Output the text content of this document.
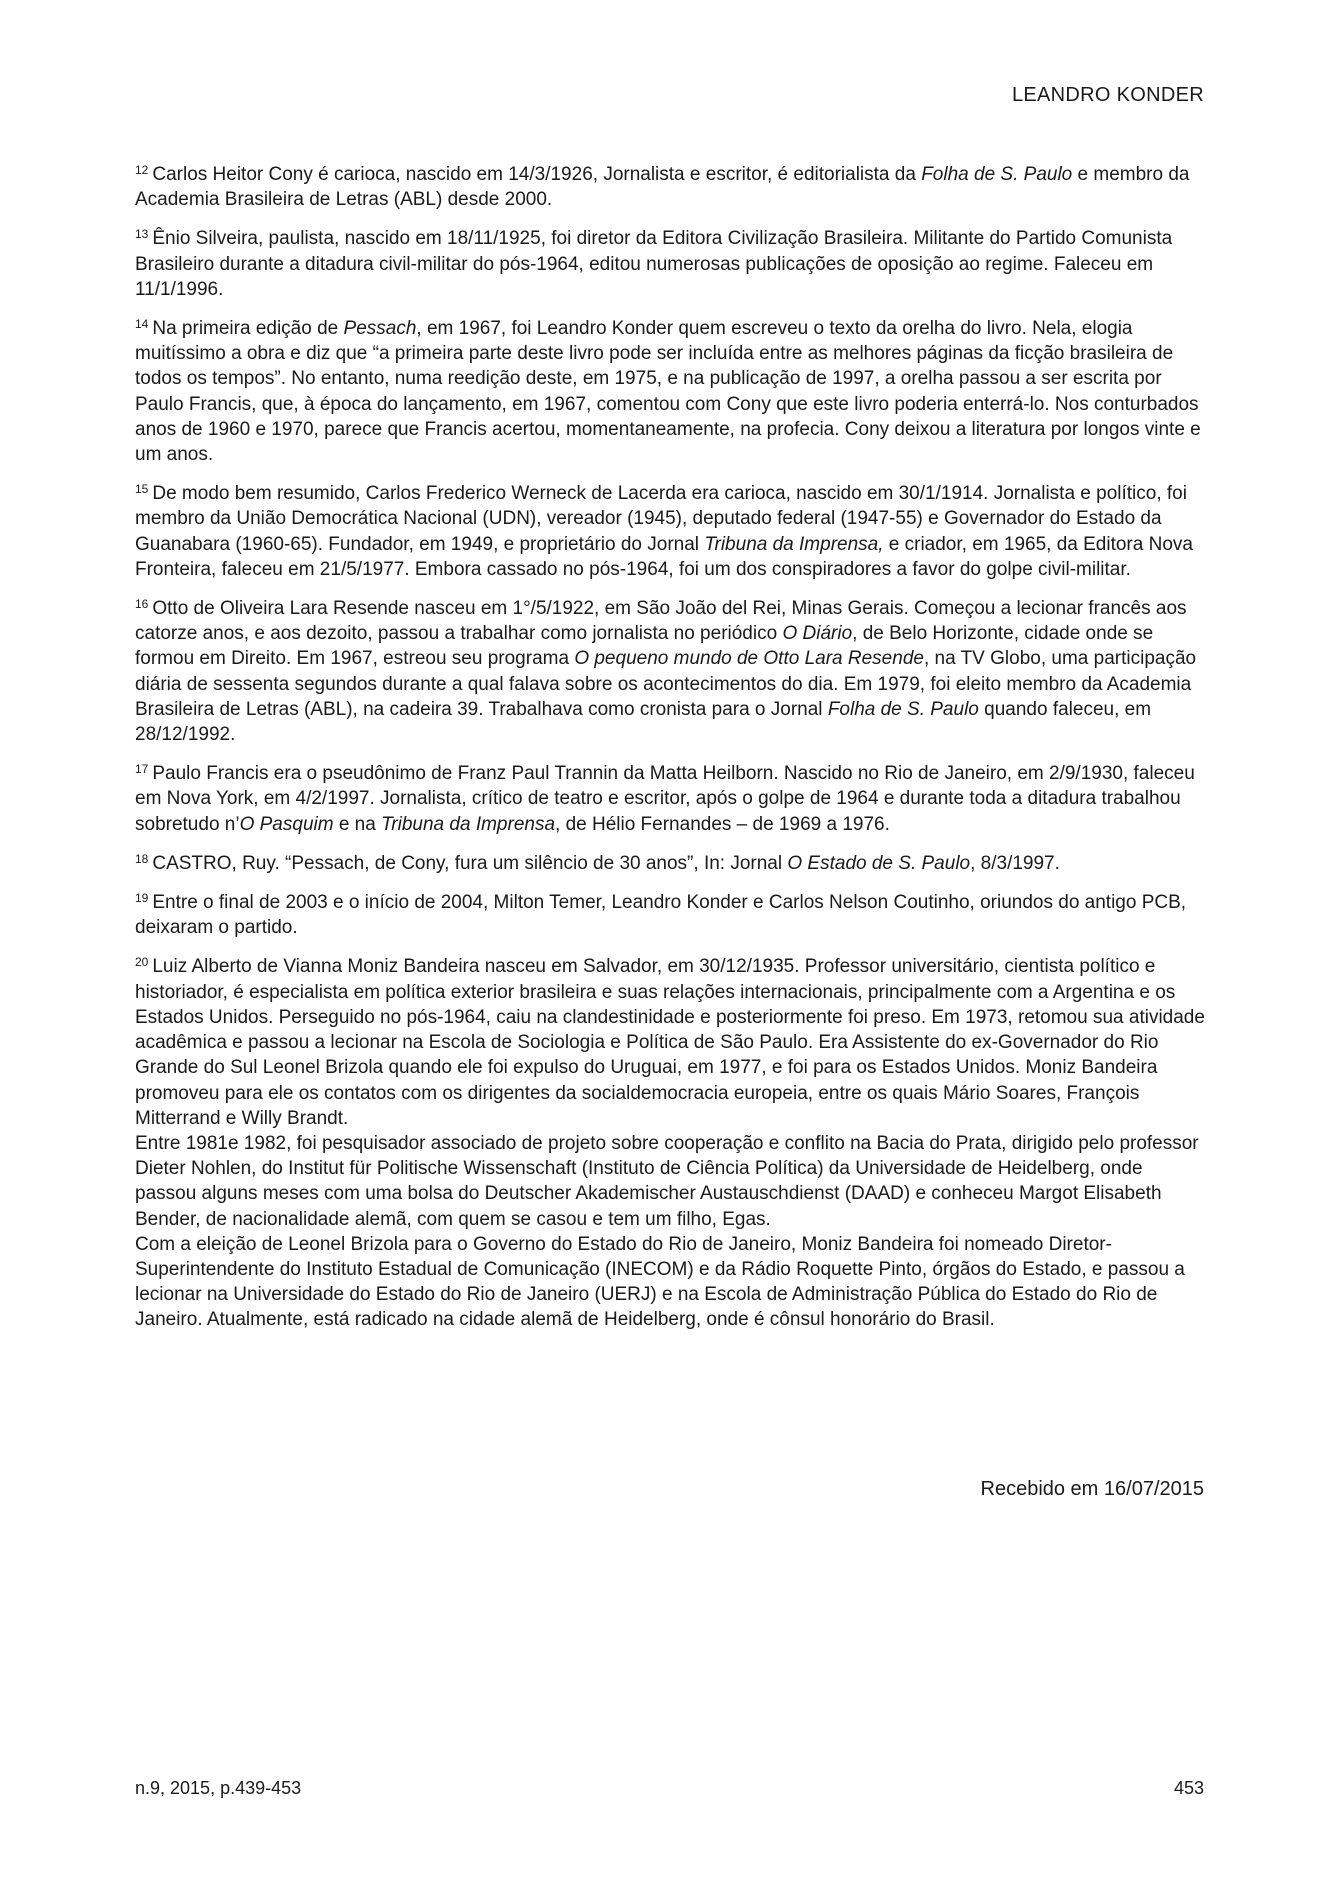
LEANDRO KONDER

$^{12}$ Carlos Heitor Cony é carioca, nascido em 14/3/1926, Jornalista e escritor, é editorialista da Folha de S. Paulo e membro da Academia Brasileira de Letras (ABL) desde 2000.

$^{13}$ Ênio Silveira, paulista, nascido em 18/11/1925, foi diretor da Editora Civilização Brasileira. Militante do Partido Comunista Brasileiro durante a ditadura civil-militar do pós-1964, editou numerosas publicações de oposição ao regime. Faleceu em 11/1/1996.

$^{14}$ Na primeira edição de Pessach, em 1967, foi Leandro Konder quem escreveu o texto da orelha do livro. Nela, elogia muitíssimo a obra e diz que “a primeira parte deste livro pode ser incluída entre as melhores páginas da ficção brasileira de todos os tempos”. No entanto, numa reedição deste, em 1975, e na publicação de 1997, a orelha passou a ser escrita por Paulo Francis, que, à época do lançamento, em 1967, comentou com Cony que este livro poderia enterrá-lo. Nos conturbados anos de 1960 e 1970, parece que Francis acertou, momentaneamente, na profecia. Cony deixou a literatura por longos vinte e um anos.

$^{15}$ De modo bem resumido, Carlos Frederico Werneck de Lacerda era carioca, nascido em 30/1/1914. Jornalista e político, foi membro da União Democrática Nacional (UDN), vereador (1945), deputado federal (1947-55) e Governador do Estado da Guanabara (1960-65). Fundador, em 1949, e proprietário do Jornal Tribuna da Imprensa, e criador, em 1965, da Editora Nova Fronteira, faleceu em 21/5/1977. Embora cassado no pós-1964, foi um dos conspiradores a favor do golpe civil-militar.

$^{16}$ Otto de Oliveira Lara Resende nasceu em 1°/5/1922, em São João del Rei, Minas Gerais. Começou a lecionar francês aos catorze anos, e aos dezoito, passou a trabalhar como jornalista no periódico O Diário, de Belo Horizonte, cidade onde se formou em Direito. Em 1967, estreou seu programa O pequeno mundo de Otto Lara Resende, na TV Globo, uma participação diária de sessenta segundos durante a qual falava sobre os acontecimentos do dia. Em 1979, foi eleito membro da Academia Brasileira de Letras (ABL), na cadeira 39. Trabalhava como cronista para o Jornal Folha de S. Paulo quando faleceu, em 28/12/1992.

$^{17}$ Paulo Francis era o pseudônimo de Franz Paul Trannin da Matta Heilborn. Nascido no Rio de Janeiro, em 2/9/1930, faleceu em Nova York, em 4/2/1997. Jornalista, crítico de teatro e escritor, após o golpe de 1964 e durante toda a ditadura trabalhou sobretudo n’O Pasquim e na Tribuna da Imprensa, de Hélio Fernandes – de 1969 a 1976.

$^{18}$ CASTRO, Ruy. “Pessach, de Cony, fura um silêncio de 30 anos”, In: Jornal O Estado de S. Paulo, 8/3/1997.

$^{19}$ Entre o final de 2003 e o início de 2004, Milton Temer, Leandro Konder e Carlos Nelson Coutinho, oriundos do antigo PCB, deixaram o partido.

$^{20}$ Luiz Alberto de Vianna Moniz Bandeira nasceu em Salvador, em 30/12/1935. Professor universitário, cientista político e historiador, é especialista em política exterior brasileira e suas relações internacionais, principalmente com a Argentina e os Estados Unidos. Perseguido no pós-1964, caiu na clandestinidade e posteriormente foi preso. Em 1973, retomou sua atividade acadêmica e passou a lecionar na Escola de Sociologia e Política de São Paulo. Era Assistente do ex-Governador do Rio Grande do Sul Leonel Brizola quando ele foi expulso do Uruguai, em 1977, e foi para os Estados Unidos. Moniz Bandeira promoveu para ele os contatos com os dirigentes da socialdemocracia europeia, entre os quais Mário Soares, François Mitterrand e Willy Brandt.

Entre 1981e 1982, foi pesquisador associado de projeto sobre cooperação e conflito na Bacia do Prata, dirigido pelo professor Dieter Nohlen, do Institut für Politische Wissenschaft (Instituto de Ciência Política) da Universidade de Heidelberg, onde passou alguns meses com uma bolsa do Deutscher Akademischer Austauschdienst (DAAD) e conheceu Margot Elisabeth Bender, de nacionalidade alemã, com quem se casou e tem um filho, Egas.

Com a eleição de Leonel Brizola para o Governo do Estado do Rio de Janeiro, Moniz Bandeira foi nomeado Diretor-Superintendente do Instituto Estadual de Comunicação (INECOM) e da Rádio Roquette Pinto, órgãos do Estado, e passou a lecionar na Universidade do Estado do Rio de Janeiro (UERJ) e na Escola de Administração Pública do Estado do Rio de Janeiro. Atualmente, está radicado na cidade alemã de Heidelberg, onde é cônsul honorário do Brasil.

Recebido em 16/07/2015
n.9, 2015, p.439-453	453
